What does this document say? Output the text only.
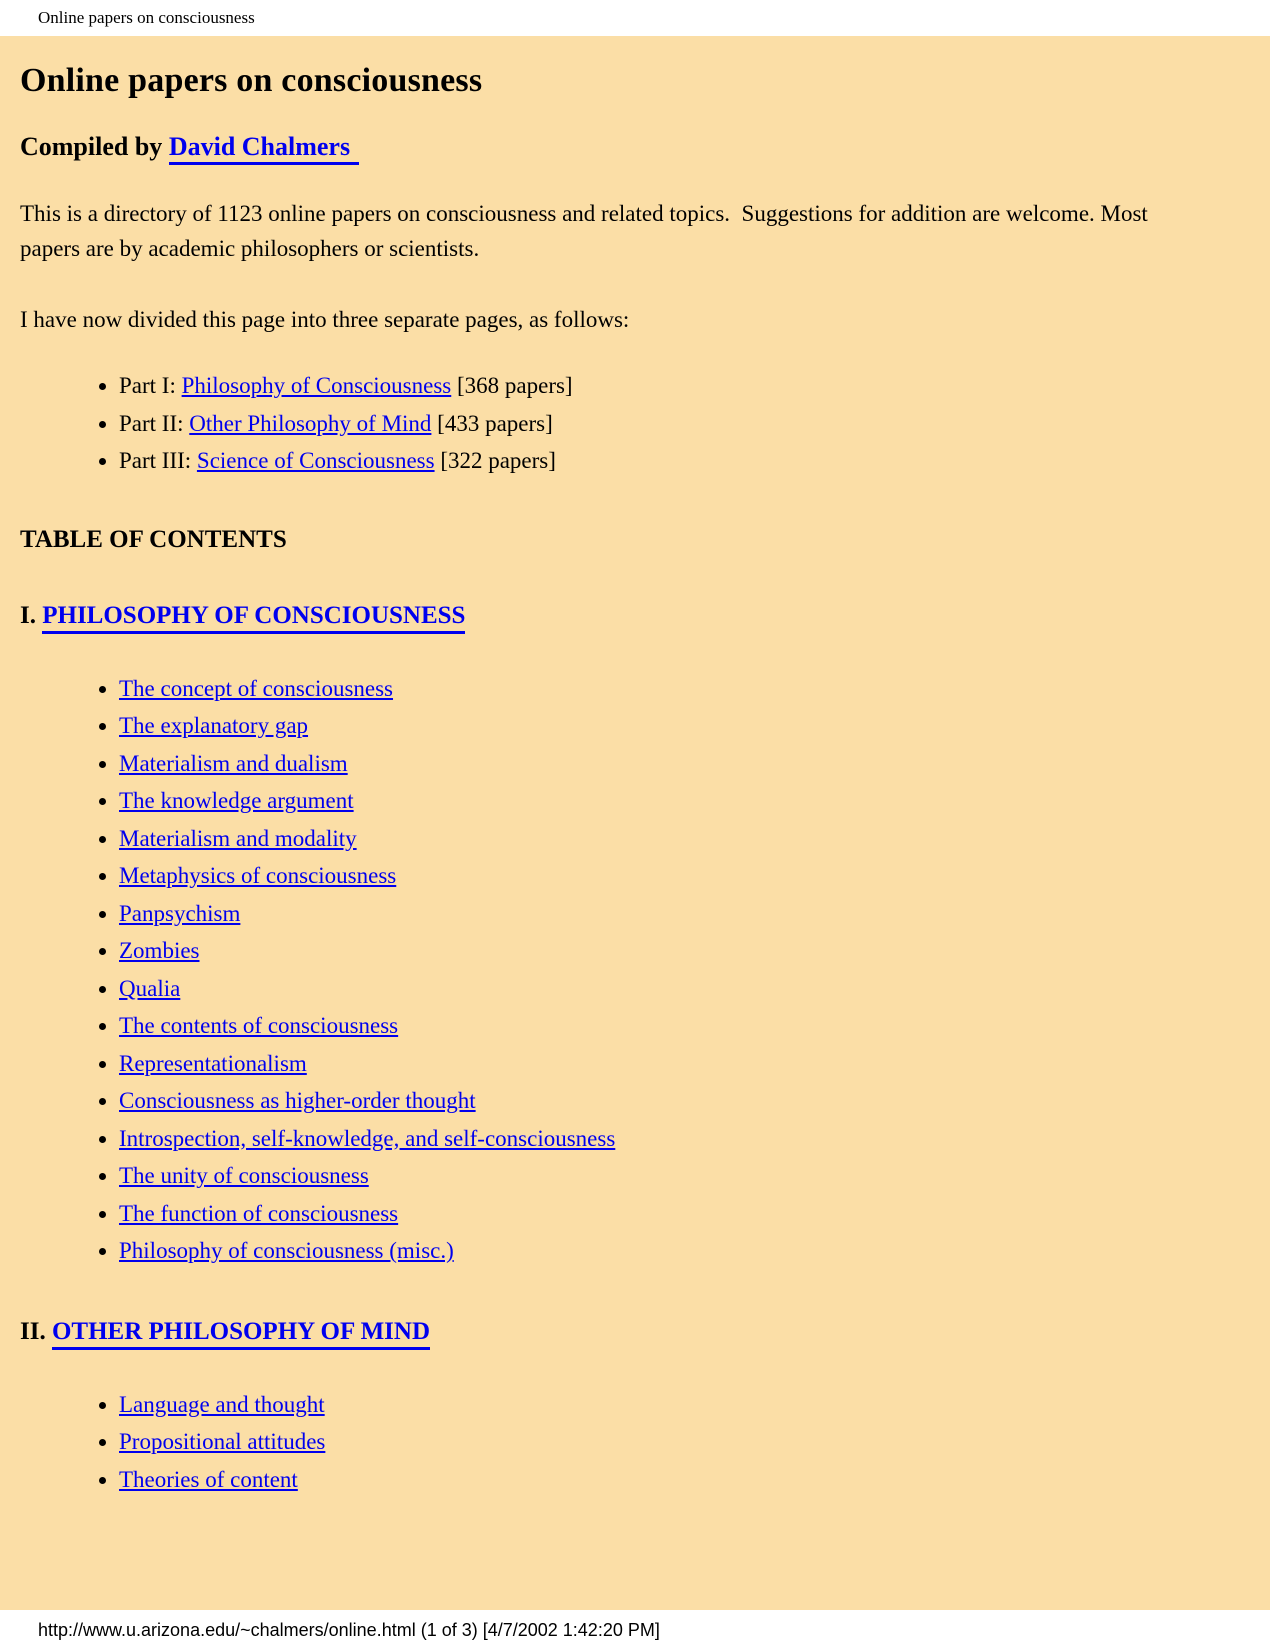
Online papers on consciousness
Online papers on consciousness
Compiled by David Chalmers

This is a directory of 1123 online papers on consciousness and related topics.  Suggestions for addition are welcome. Most papers are by academic philosophers or scientists.

I have now divided this page into three separate pages, as follows:

• Part I: Philosophy of Consciousness [368 papers]
• Part II: Other Philosophy of Mind [433 papers]
• Part III: Science of Consciousness [322 papers]
TABLE OF CONTENTS
I. PHILOSOPHY OF CONSCIOUSNESS
• The concept of consciousness
• The explanatory gap
• Materialism and dualism
• The knowledge argument
• Materialism and modality
• Metaphysics of consciousness
• Panpsychism
• Zombies
• Qualia
• The contents of consciousness
• Representationalism
• Consciousness as higher-order thought
• Introspection, self-knowledge, and self-consciousness
• The unity of consciousness
• The function of consciousness
• Philosophy of consciousness (misc.)
II. OTHER PHILOSOPHY OF MIND
• Language and thought
• Propositional attitudes
• Theories of content
http://www.u.arizona.edu/~chalmers/online.html (1 of 3) [4/7/2002 1:42:20 PM]
